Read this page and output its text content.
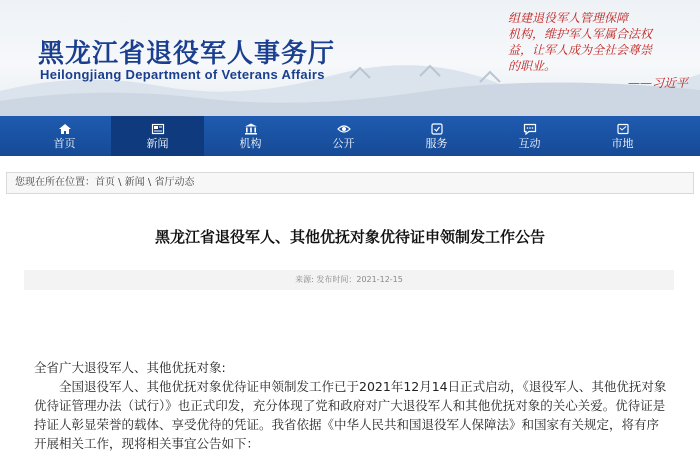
黑龙江省退役军人事务厅
Heilongjiang Department of Veterans Affairs
组建退役军人管理保障
机构，维护军人军属合法权
益，让军人成为全社会尊崇
的职业。
——习近平
首页	新闻	机构	公开	服务	互动	市地
您现在所在位置：首页 \ 新闻 \ 省厅动态
黑龙江省退役军人、其他优抚对象优待证申领制发工作公告
来源: 发布时间：2021-12-15

全省广大退役军人、其他优抚对象:

全国退役军人、其他优抚对象优待证申领制发工作已于2021年12月14日正式启动，《退役军人、其他优抚对象优待证管理办法（试行）》也正式印发，充分体现了党和政府对广大退役军人和其他优抚对象的关心关爱。优待证是持证人彰显荣誉的载体、享受优待的凭证。我省依据《中华人民共和国退役军人保障法》和国家有关规定，将有序开展相关工作，现将相关事宜公告如下：
